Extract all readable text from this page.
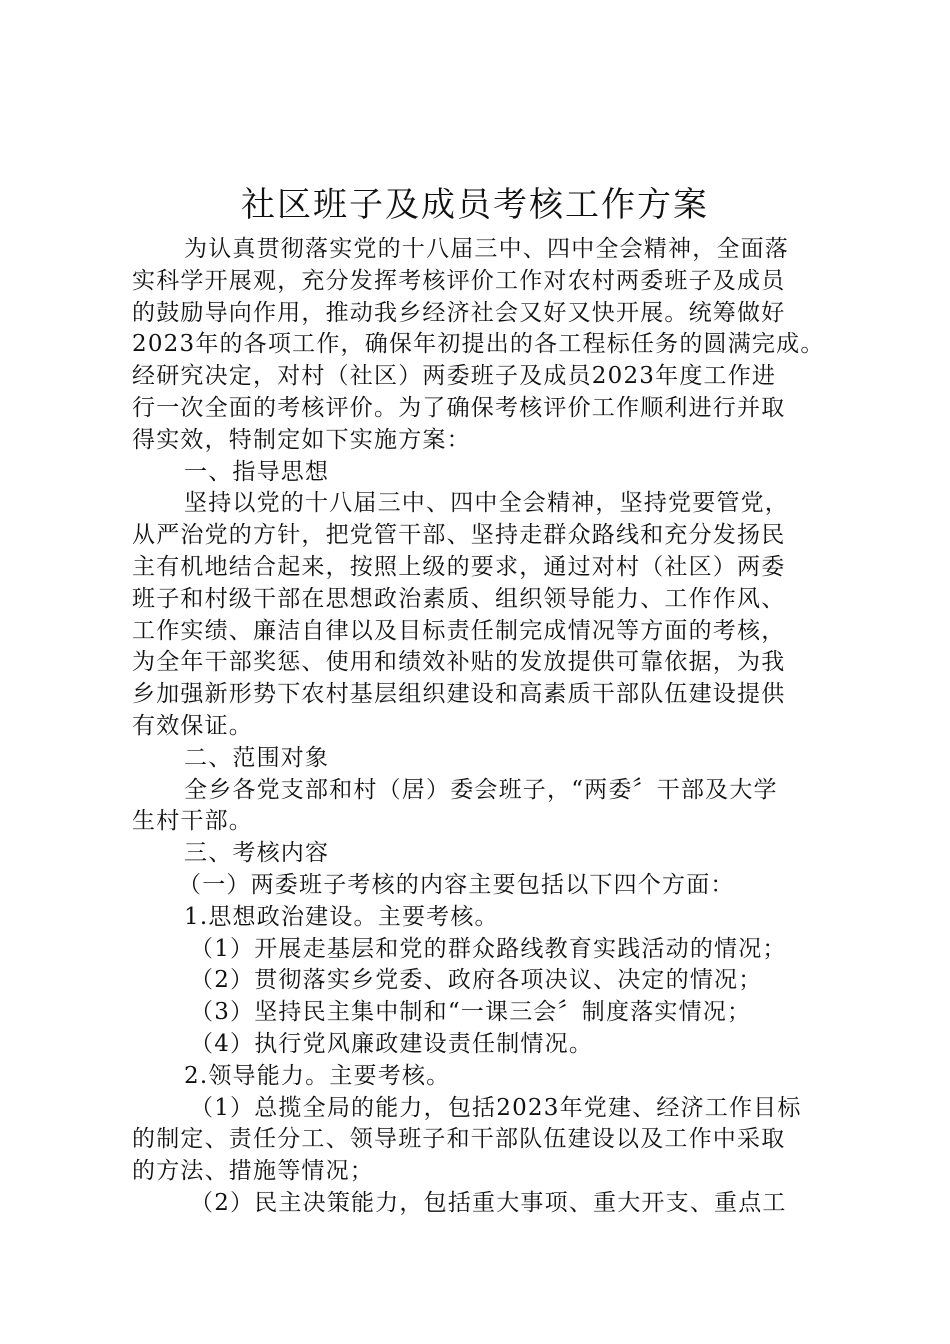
社区班子及成员考核工作方案

为认真贯彻落实党的十八届三中、四中全会精神，全面落

实科学开展观，充分发挥考核评价工作对农村两委班子及成员

的鼓励导向作用，推动我乡经济社会又好又快开展。统筹做好

2023年的各项工作，确保年初提出的各工程标任务的圆满完成。

经研究决定，对村（社区）两委班子及成员2023年度工作进

行一次全面的考核评价。为了确保考核评价工作顺利进行并取

得实效，特制定如下实施方案：

一、指导思想

坚持以党的十八届三中、四中全会精神，坚持党要管党，

从严治党的方针，把党管干部、坚持走群众路线和充分发扬民

主有机地结合起来，按照上级的要求，通过对村（社区）两委

班子和村级干部在思想政治素质、组织领导能力、工作作风、

工作实绩、廉洁自律以及目标责任制完成情况等方面的考核，

为全年干部奖惩、使用和绩效补贴的发放提供可靠依据，为我

乡加强新形势下农村基层组织建设和高素质干部队伍建设提供

有效保证。

二、范围对象

全乡各党支部和村（居）委会班子，“两委〞干部及大学

生村干部。

三、考核内容

（一）两委班子考核的内容主要包括以下四个方面：

1.思想政治建设。主要考核。

（1）开展走基层和党的群众路线教育实践活动的情况；

（2）贯彻落实乡党委、政府各项决议、决定的情况；

（3）坚持民主集中制和“一课三会〞制度落实情况；

（4）执行党风廉政建设责任制情况。

2.领导能力。主要考核。

（1）总揽全局的能力，包括2023年党建、经济工作目标

的制定、责任分工、领导班子和干部队伍建设以及工作中采取

的方法、措施等情况；

（2）民主决策能力，包括重大事项、重大开支、重点工
